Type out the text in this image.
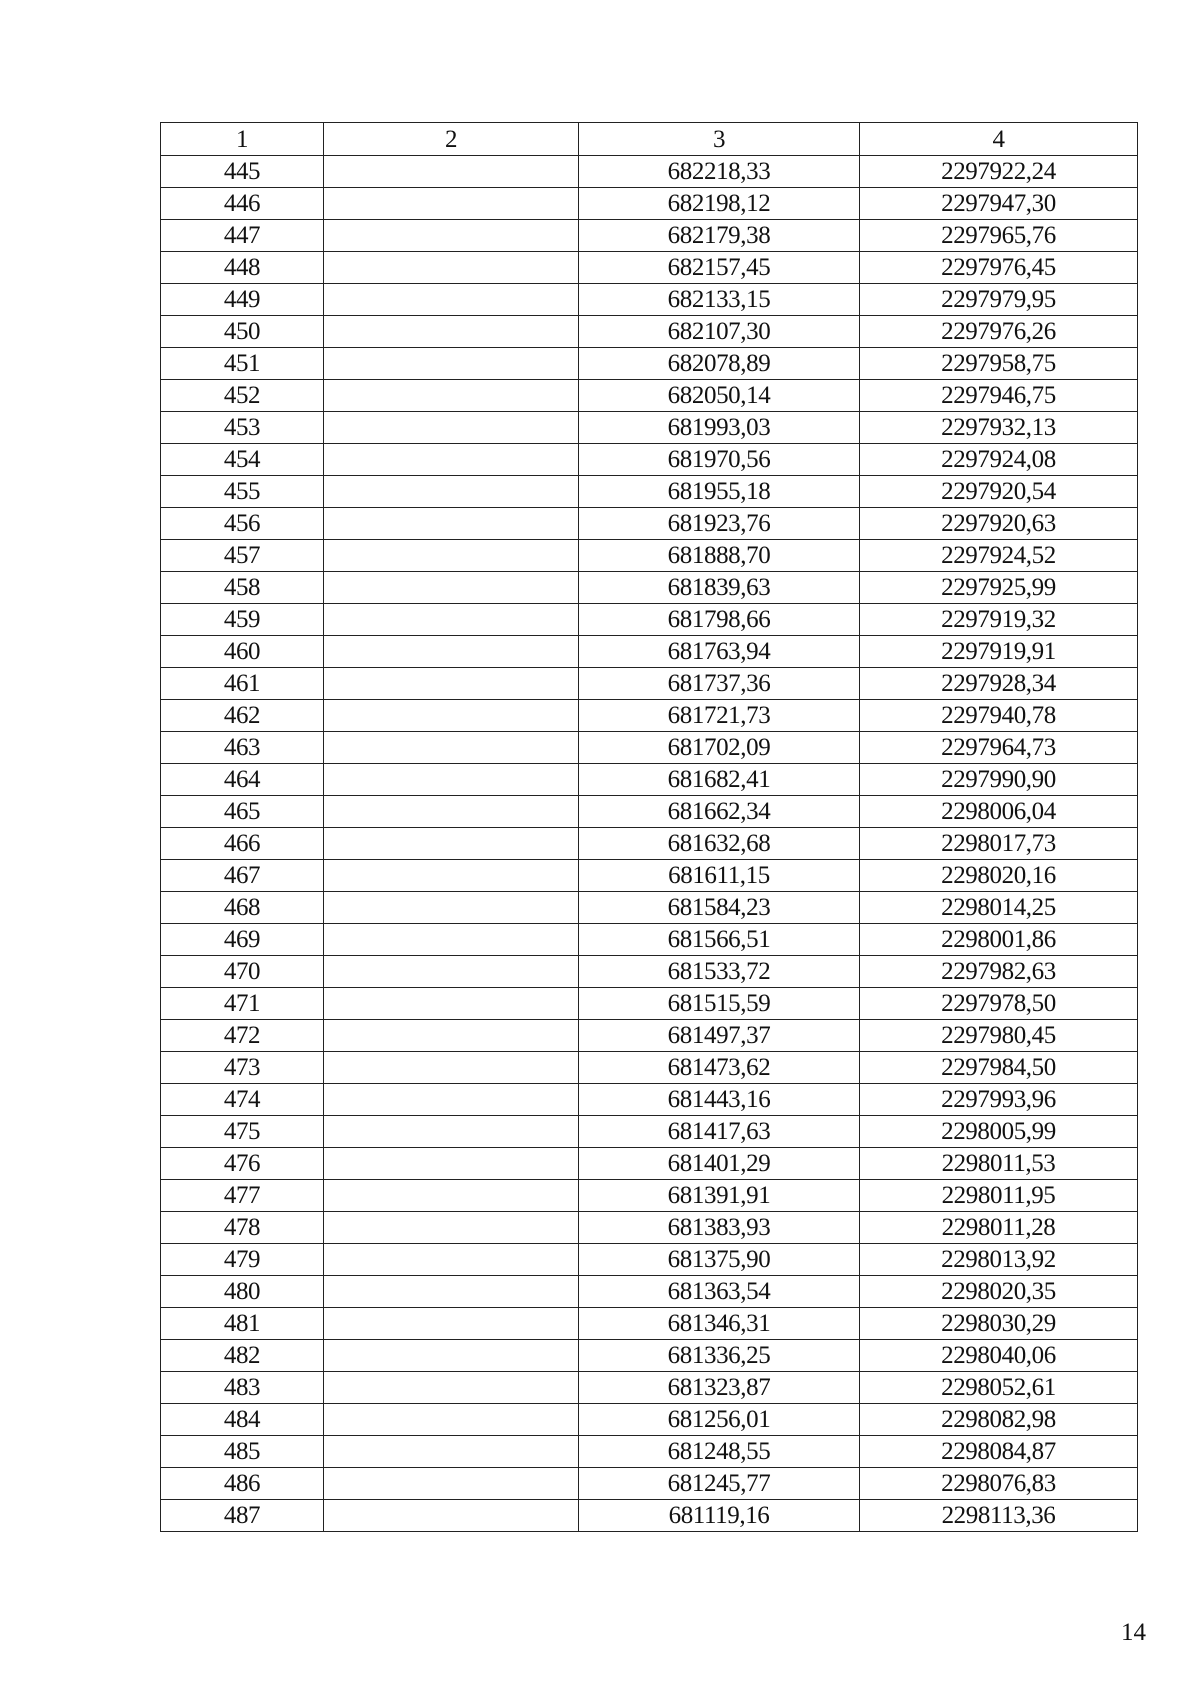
1	2	3	4
445		682218,33	2297922,24
446		682198,12	2297947,30
447		682179,38	2297965,76
448		682157,45	2297976,45
449		682133,15	2297979,95
450		682107,30	2297976,26
451		682078,89	2297958,75
452		682050,14	2297946,75
453		681993,03	2297932,13
454		681970,56	2297924,08
455		681955,18	2297920,54
456		681923,76	2297920,63
457		681888,70	2297924,52
458		681839,63	2297925,99
459		681798,66	2297919,32
460		681763,94	2297919,91
461		681737,36	2297928,34
462		681721,73	2297940,78
463		681702,09	2297964,73
464		681682,41	2297990,90
465		681662,34	2298006,04
466		681632,68	2298017,73
467		681611,15	2298020,16
468		681584,23	2298014,25
469		681566,51	2298001,86
470		681533,72	2297982,63
471		681515,59	2297978,50
472		681497,37	2297980,45
473		681473,62	2297984,50
474		681443,16	2297993,96
475		681417,63	2298005,99
476		681401,29	2298011,53
477		681391,91	2298011,95
478		681383,93	2298011,28
479		681375,90	2298013,92
480		681363,54	2298020,35
481		681346,31	2298030,29
482		681336,25	2298040,06
483		681323,87	2298052,61
484		681256,01	2298082,98
485		681248,55	2298084,87
486		681245,77	2298076,83
487		681119,16	2298113,36
14
